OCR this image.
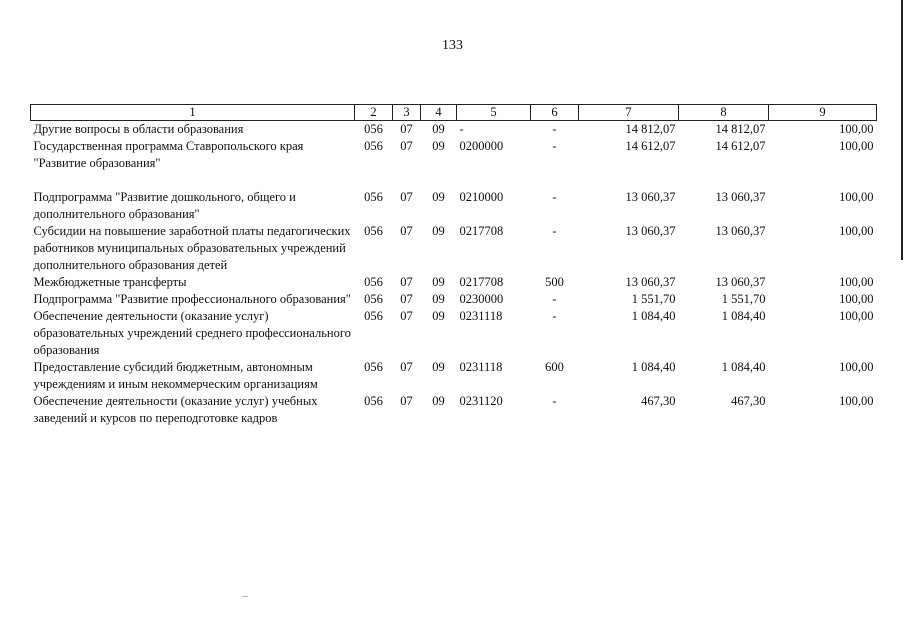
133
1	2	3	4	5	6	7	8	9
Другие вопросы в области образования	056	07	09	-	-	14 812,07	14 812,07	100,00
Государственная программа Ставропольского края "Развитие образования"	056	07	09	0200000	-	14 612,07	14 612,07	100,00
Подпрограмма "Развитие дошкольного, общего и дополнительного образования"	056	07	09	0210000	-	13 060,37	13 060,37	100,00
Субсидии на повышение заработной платы педагогических работников муниципальных образовательных учреждений дополнительного образования детей	056	07	09	0217708	-	13 060,37	13 060,37	100,00
Межбюджетные трансферты	056	07	09	0217708	500	13 060,37	13 060,37	100,00
Подпрограмма "Развитие профессионального образования"	056	07	09	0230000	-	1 551,70	1 551,70	100,00
Обеспечение деятельности (оказание услуг) образовательных учреждений среднего профессионального образования	056	07	09	0231118	-	1 084,40	1 084,40	100,00
Предоставление субсидий бюджетным, автономным учреждениям и иным некоммерческим организациям	056	07	09	0231118	600	1 084,40	1 084,40	100,00
Обеспечение деятельности (оказание услуг) учебных заведений и курсов по переподготовке кадров	056	07	09	0231120	-	467,30	467,30	100,00
